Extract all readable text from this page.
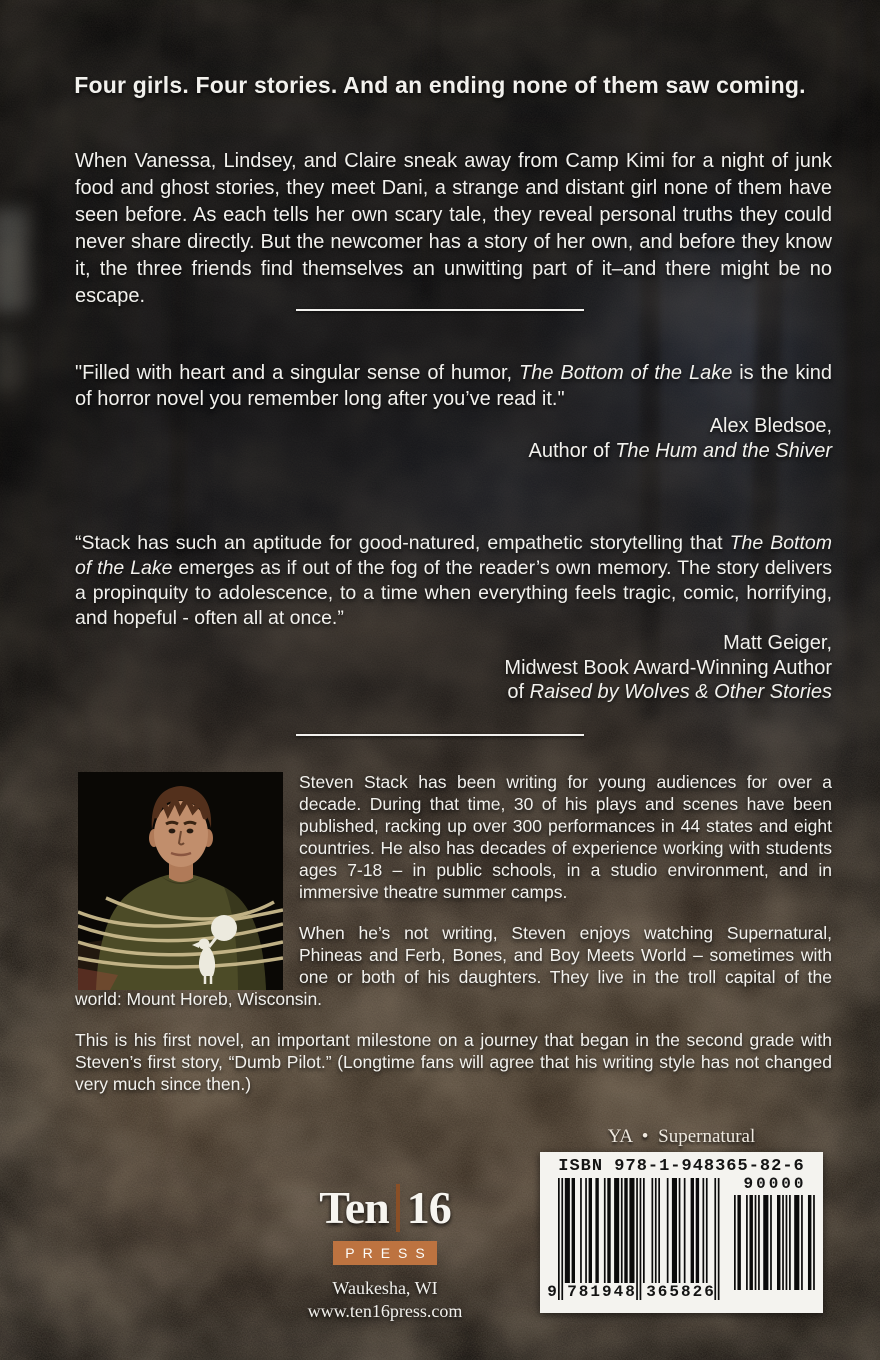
Four girls. Four stories. And an ending none of them saw coming.

When Vanessa, Lindsey, and Claire sneak away from Camp Kimi for a night of junk food and ghost stories, they meet Dani, a strange and distant girl none of them have seen before. As each tells her own scary tale, they reveal personal truths they could never share directly. But the newcomer has a story of her own, and before they know it, the three friends find themselves an unwitting part of it–and there might be no escape.

"Filled with heart and a singular sense of humor, The Bottom of the Lake is the kind of horror novel you remember long after you’ve read it."

Alex Bledsoe,
Author of The Hum and the Shiver

“Stack has such an aptitude for good-natured, empathetic storytelling that The Bottom of the Lake emerges as if out of the fog of the reader’s own memory. The story delivers a propinquity to adolescence, to a time when everything feels tragic, comic, horrifying, and hopeful - often all at once.”

Matt Geiger,
Midwest Book Award-Winning Author
of Raised by Wolves & Other Stories

Steven Stack has been writing for young audiences for over a decade. During that time, 30 of his plays and scenes have been published, racking up over 300 performances in 44 states and eight countries. He also has decades of experience working with students ages 7-18 – in public schools, in a studio environment, and in immersive theatre summer camps.

When he’s not writing, Steven enjoys watching Supernatural, Phineas and Ferb, Bones, and Boy Meets World – sometimes with one or both of his daughters. They live in the troll capital of the world: Mount Horeb, Wisconsin.

This is his first novel, an important milestone on a journey that began in the second grade with Steven’s first story, “Dumb Pilot.” (Longtime fans will agree that his writing style has not changed very much since then.)

YA • Supernatural
Ten 16
PRESS
Waukesha, WI
www.ten16press.com
ISBN 978-1-948365-82-6
90000
9 781948 365826
